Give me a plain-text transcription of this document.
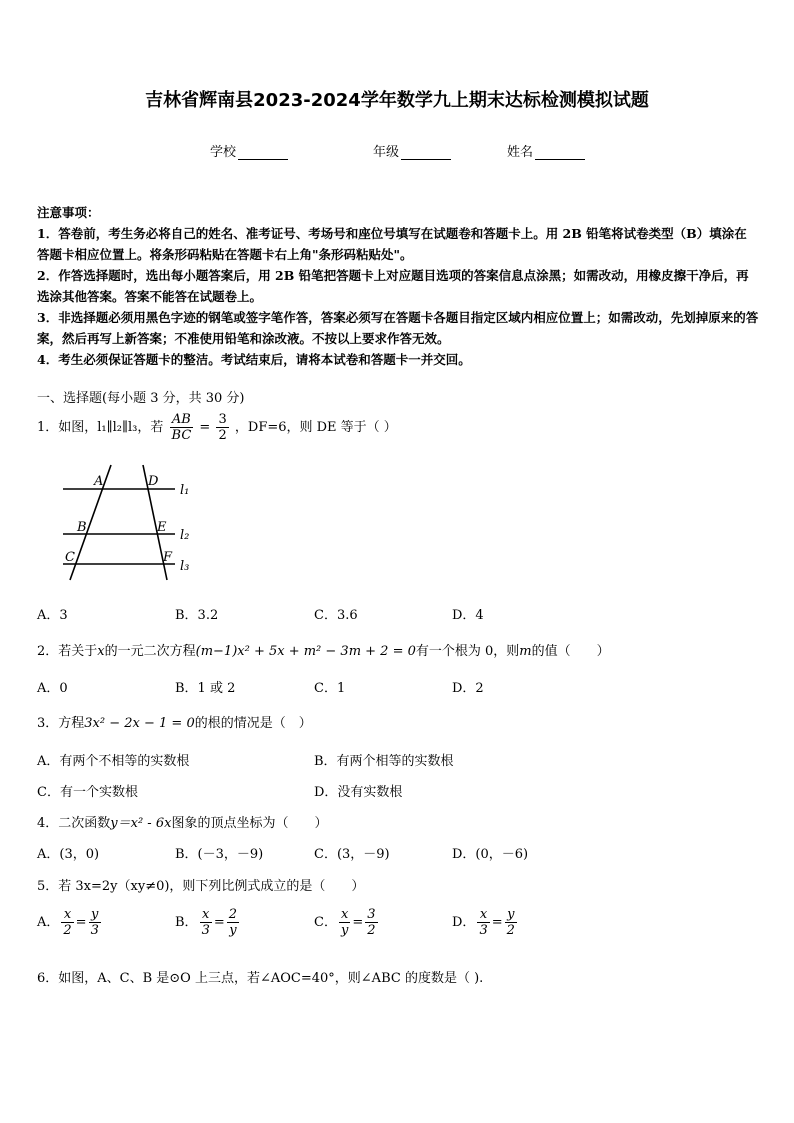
吉林省辉南县2023-2024学年数学九上期末达标检测模拟试题
学校	年级	姓名

注意事项：

1．答卷前，考生务必将自己的姓名、准考证号、考场号和座位号填写在试题卷和答题卡上。用 2B 铅笔将试卷类型（B）填涂在答题卡相应位置上。将条形码粘贴在答题卡右上角"条形码粘贴处"。

2．作答选择题时，选出每小题答案后，用 2B 铅笔把答题卡上对应题目选项的答案信息点涂黑；如需改动，用橡皮擦干净后，再选涂其他答案。答案不能答在试题卷上。

3．非选择题必须用黑色字迹的钢笔或签字笔作答，答案必须写在答题卡各题目指定区域内相应位置上；如需改动，先划掉原来的答案，然后再写上新答案；不准使用铅笔和涂改液。不按以上要求作答无效。

4．考生必须保证答题卡的整洁。考试结束后，请将本试卷和答题卡一并交回。

一、选择题(每小题 3 分，共 30 分)
1．如图，l₁∥l₂∥l₃，若 $\frac{AB}{BC} = \frac{3}{2}$ ，DF=6，则 DE 等于（ ）
A	D
B	E
C	F
l₁
l₂
l₃
A．3	B．3.2	C．3.6	D．4
2．若关于x的一元二次方程(m−1)x² + 5x + m² − 3m + 2 = 0有一个根为 0，则m的值（　　）
A．0	B．1 或 2	C．1	D．2
3．方程3x² − 2x − 1 = 0的根的情况是（　）
A．有两个不相等的实数根	B．有两个相等的实数根
C．有一个实数根	D．没有实数根
4．二次函数y＝x² - 6x图象的顶点坐标为（　　）
A．(3，0)	B．(－3，－9)	C．(3，－9)	D．(0，－6)
5．若 3x=2y（xy≠0)，则下列比例式成立的是（　　）
A． $\frac{x}{2} = \frac{y}{3}$	B． $\frac{x}{3} = \frac{2}{y}$	C． $\frac{x}{y} = \frac{3}{2}$	D． $\frac{x}{3} = \frac{y}{2}$
6．如图，A、C、B 是⊙O 上三点，若∠AOC=40°，则∠ABC 的度数是（ ).
